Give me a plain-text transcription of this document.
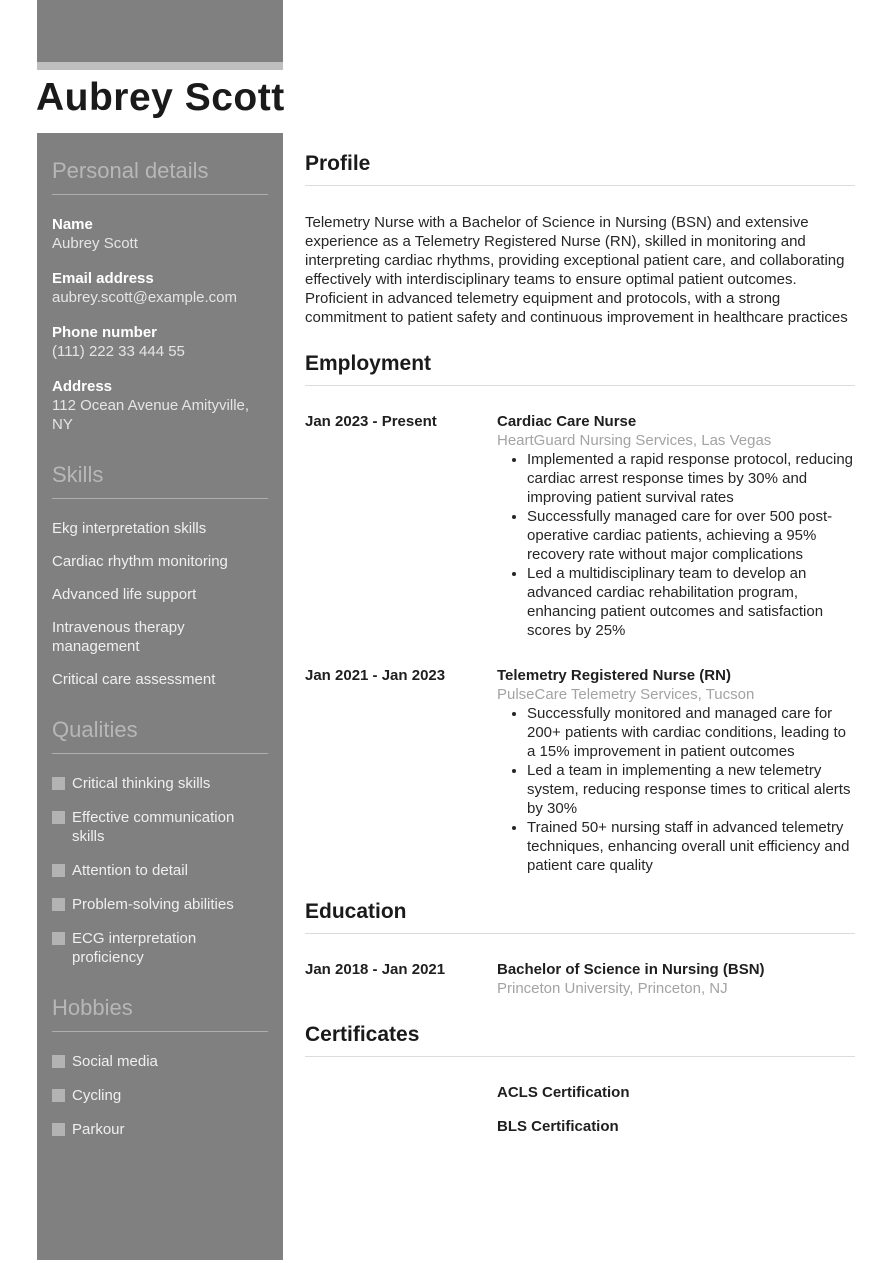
Aubrey Scott
Personal details
Name
Aubrey Scott
Email address
aubrey.scott@example.com
Phone number
(111) 222 33 444 55
Address
112 Ocean Avenue Amityville, NY
Skills
Ekg interpretation skills
Cardiac rhythm monitoring
Advanced life support
Intravenous therapy management
Critical care assessment
Qualities
Critical thinking skills
Effective communication skills
Attention to detail
Problem-solving abilities
ECG interpretation proficiency
Hobbies
Social media
Cycling
Parkour
Profile

Telemetry Nurse with a Bachelor of Science in Nursing (BSN) and extensive experience as a Telemetry Registered Nurse (RN), skilled in monitoring and interpreting cardiac rhythms, providing exceptional patient care, and collaborating effectively with interdisciplinary teams to ensure optimal patient outcomes. Proficient in advanced telemetry equipment and protocols, with a strong commitment to patient safety and continuous improvement in healthcare practices

Employment
Jan 2023 - Present	Cardiac Care Nurse
HeartGuard Nursing Services, Las Vegas
• Implemented a rapid response protocol, reducing cardiac arrest response times by 30% and improving patient survival rates
• Successfully managed care for over 500 post-operative cardiac patients, achieving a 95% recovery rate without major complications
• Led a multidisciplinary team to develop an advanced cardiac rehabilitation program, enhancing patient outcomes and satisfaction scores by 25%
Jan 2021 - Jan 2023	Telemetry Registered Nurse (RN)
PulseCare Telemetry Services, Tucson
• Successfully monitored and managed care for 200+ patients with cardiac conditions, leading to a 15% improvement in patient outcomes
• Led a team in implementing a new telemetry system, reducing response times to critical alerts by 30%
• Trained 50+ nursing staff in advanced telemetry techniques, enhancing overall unit efficiency and patient care quality
Education
Jan 2018 - Jan 2021	Bachelor of Science in Nursing (BSN)
Princeton University, Princeton, NJ
Certificates
ACLS Certification
BLS Certification
